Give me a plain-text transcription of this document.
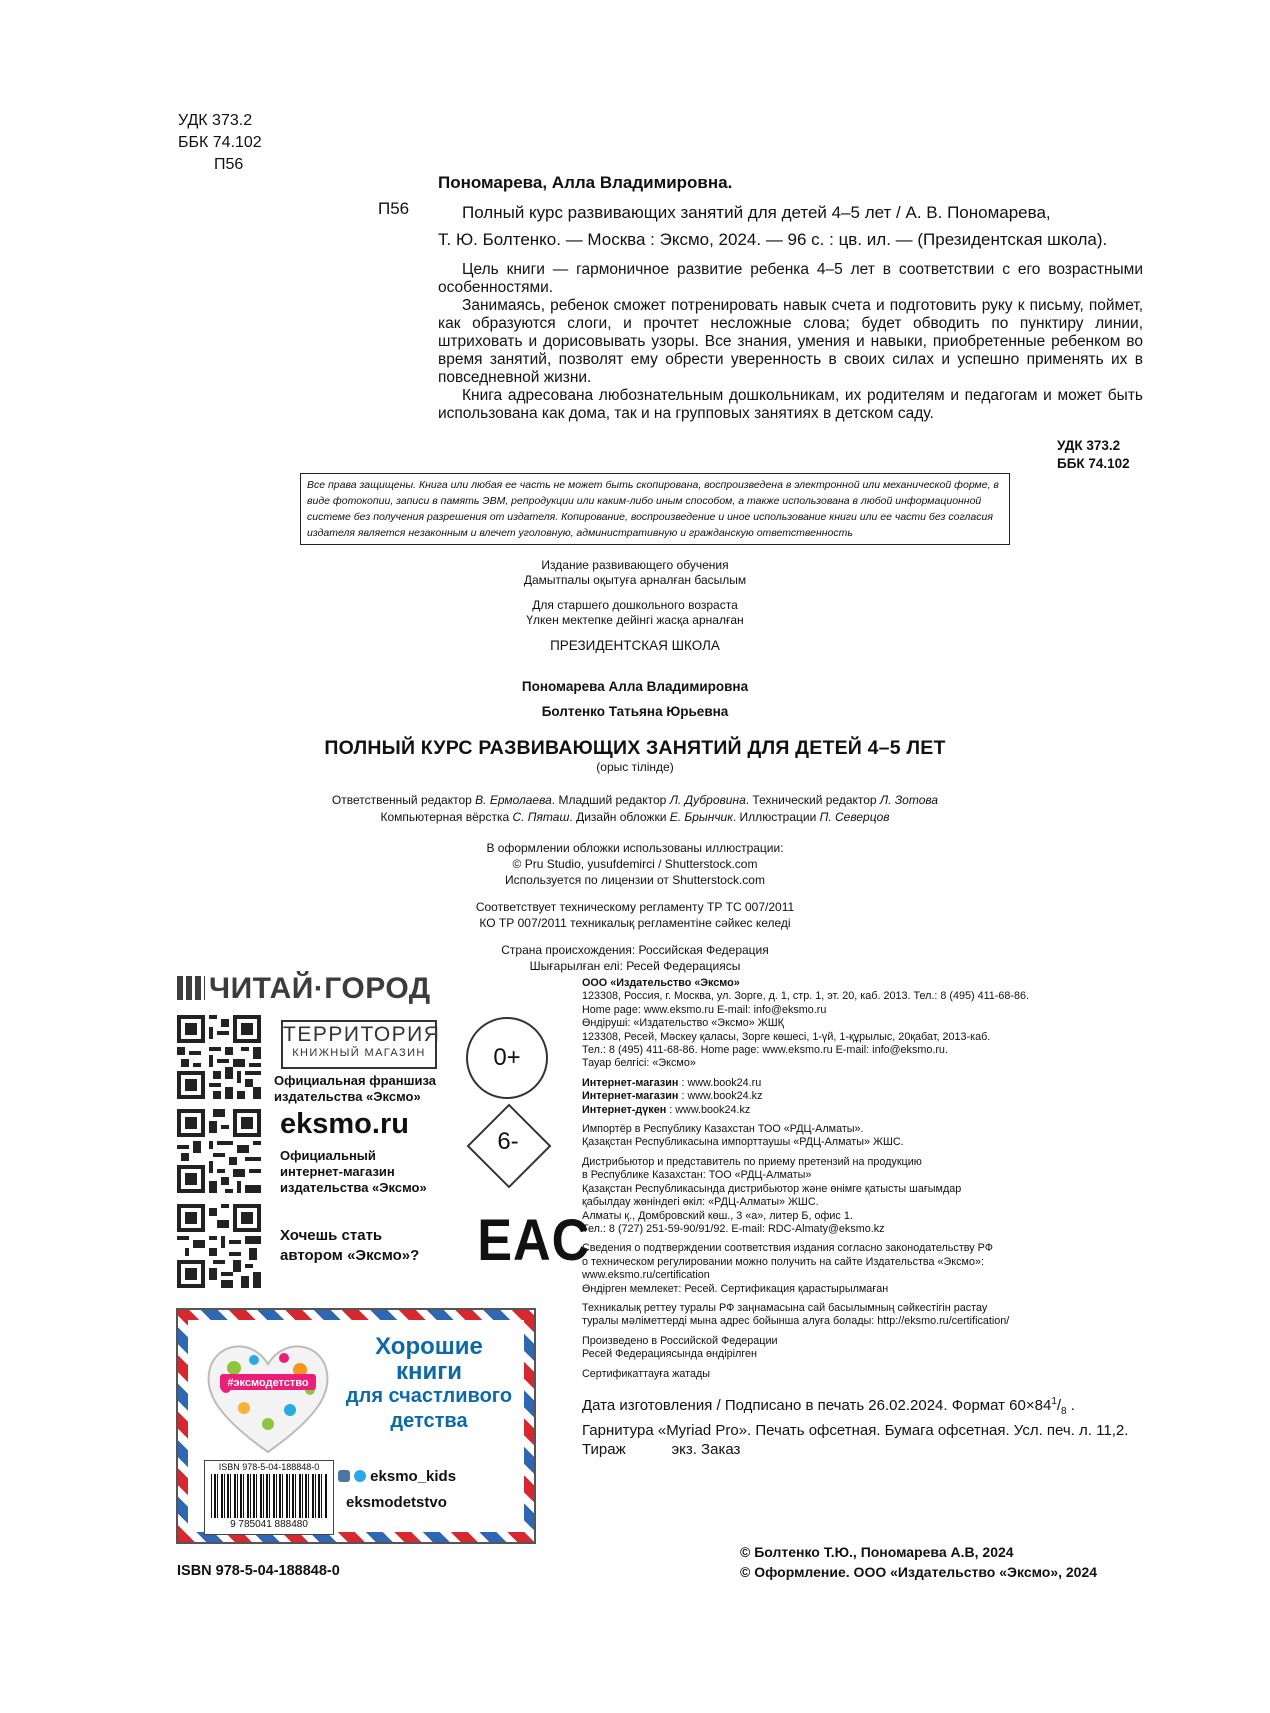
УДК 373.2
ББК 74.102
П56
Пономарева, Алла Владимировна.
П56	Полный курс развивающих занятий для детей 4–5 лет / А. В. Пономарева,
Т. Ю. Болтенко. — Москва : Эксмо, 2024. — 96 с. : цв. ил. — (Президентская школа).

Цель книги — гармоничное развитие ребенка 4–5 лет в соответствии с его возрастными особенностями.

Занимаясь, ребенок сможет потренировать навык счета и подготовить руку к письму, поймет, как образуются слоги, и прочтет несложные слова; будет обводить по пунктиру линии, штриховать и дорисовывать узоры. Все знания, умения и навыки, приобретенные ребенком во время занятий, позволят ему обрести уверенность в своих силах и успешно применять их в повседневной жизни.

Книга адресована любознательным дошкольникам, их родителям и педагогам и может быть использована как дома, так и на групповых занятиях в детском саду.

УДК 373.2
ББК 74.102
Все права защищены. Книга или любая ее часть не может быть скопирована, воспроизведена в электронной или механической форме, в виде фотокопии, записи в память ЭВМ, репродукции или каким-либо иным способом, а также использована в любой информационной системе без получения разрешения от издателя. Копирование, воспроизведение и иное использование книги или ее части без согласия издателя является незаконным и влечет уголовную, административную и гражданскую ответственность
Издание развивающего обучения
Дамытпалы оқытуға арналған басылым
Для старшего дошкольного возраста
Үлкен мектепке дейінгі жасқа арналған
ПРЕЗИДЕНТСКАЯ ШКОЛА
Пономарева Алла Владимировна
Болтенко Татьяна Юрьевна
ПОЛНЫЙ КУРС РАЗВИВАЮЩИХ ЗАНЯТИЙ ДЛЯ ДЕТЕЙ 4–5 ЛЕТ
(орыс тілінде)
Ответственный редактор В. Ермолаева. Младший редактор Л. Дубровина. Технический редактор Л. Зотова
Компьютерная вёрстка С. Пяташ. Дизайн обложки Е. Брынчик. Иллюстрации П. Северцов
В оформлении обложки использованы иллюстрации:
© Pru Studio, yusufdemirci / Shutterstock.com
Используется по лицензии от Shutterstock.com
Соответствует техническому регламенту ТР ТС 007/2011
КО ТР 007/2011 техникалық регламентіне сәйкес келеді
Страна происхождения: Российская Федерация
Шығарылған елі: Ресей Федерациясы
ЧИТАЙ·ГОРОД
ТЕРРИТОРИЯ
КНИЖНЫЙ МАГАЗИН
Официальная франшиза
издательства «Эксмо»
eksmo.ru
Официальный
интернет-магазин
издательства «Эксмо»
Хочешь стать
автором «Эксмо»?
0+
6-
EAC
#эксмодетство
Хорошие
книги
для счастливого
детства
ISBN 978-5-04-188848-0
9 785041 888480
eksmo_kids
eksmodetstvo
ООО «Издательство «Эксмо»
123308, Россия, г. Москва, ул. Зорге, д. 1, стр. 1, эт. 20, каб. 2013. Тел.: 8 (495) 411-68-86.
Home page: www.eksmo.ru E-mail: info@eksmo.ru
Өндіруші: «Издательство «Эксмо» ЖШҚ
123308, Ресей, Мәскеу қаласы, Зорге көшесі, 1-үй, 1-құрылыс, 20қабат, 2013-каб.
Тел.: 8 (495) 411-68-86. Home page: www.eksmo.ru E-mail: info@eksmo.ru.
Тауар белгісі: «Эксмо»
Интернет-магазин : www.book24.ru
Интернет-магазин : www.book24.kz
Интернет-дүкен : www.book24.kz
Импортёр в Республику Казахстан ТОО «РДЦ-Алматы».
Қазақстан Республикасына импорттаушы «РДЦ-Алматы» ЖШС.
Дистрибьютор и представитель по приему претензий на продукцию
в Республике Казахстан: ТОО «РДЦ-Алматы»
Қазақстан Республикасында дистрибьютор және өнімге қатысты шағымдар
қабылдау жөніндегі өкіл: «РДЦ-Алматы» ЖШС.
Алматы қ., Домбровский көш., 3 «а», литер Б, офис 1.
Тел.: 8 (727) 251-59-90/91/92. E-mail: RDC-Almaty@eksmo.kz
Сведения о подтверждении соответствия издания согласно законодательству РФ
о техническом регулировании можно получить на сайте Издательства «Эксмо»:
www.eksmo.ru/certification
Өндірген мемлекет: Ресей. Сертификация қарастырылмаған
Техникалық реттеу туралы РФ заңнамасына сай басылымның сәйкестігін растау
туралы мәліметтерді мына адрес бойынша алуға болады: http://eksmo.ru/certification/
Произведено в Российской Федерации
Ресей Федерациясында өндірілген
Сертификаттауға жатады
Дата изготовления / Подписано в печать 26.02.2024. Формат $60\times 84^1/_8$ .
Гарнитура «Myriad Pro». Печать офсетная. Бумага офсетная. Усл. печ. л. 11,2.
Тираж           экз. Заказ
© Болтенко Т.Ю., Пономарева А.В, 2024
© Оформление. ООО «Издательство «Эксмо», 2024
ISBN 978-5-04-188848-0
